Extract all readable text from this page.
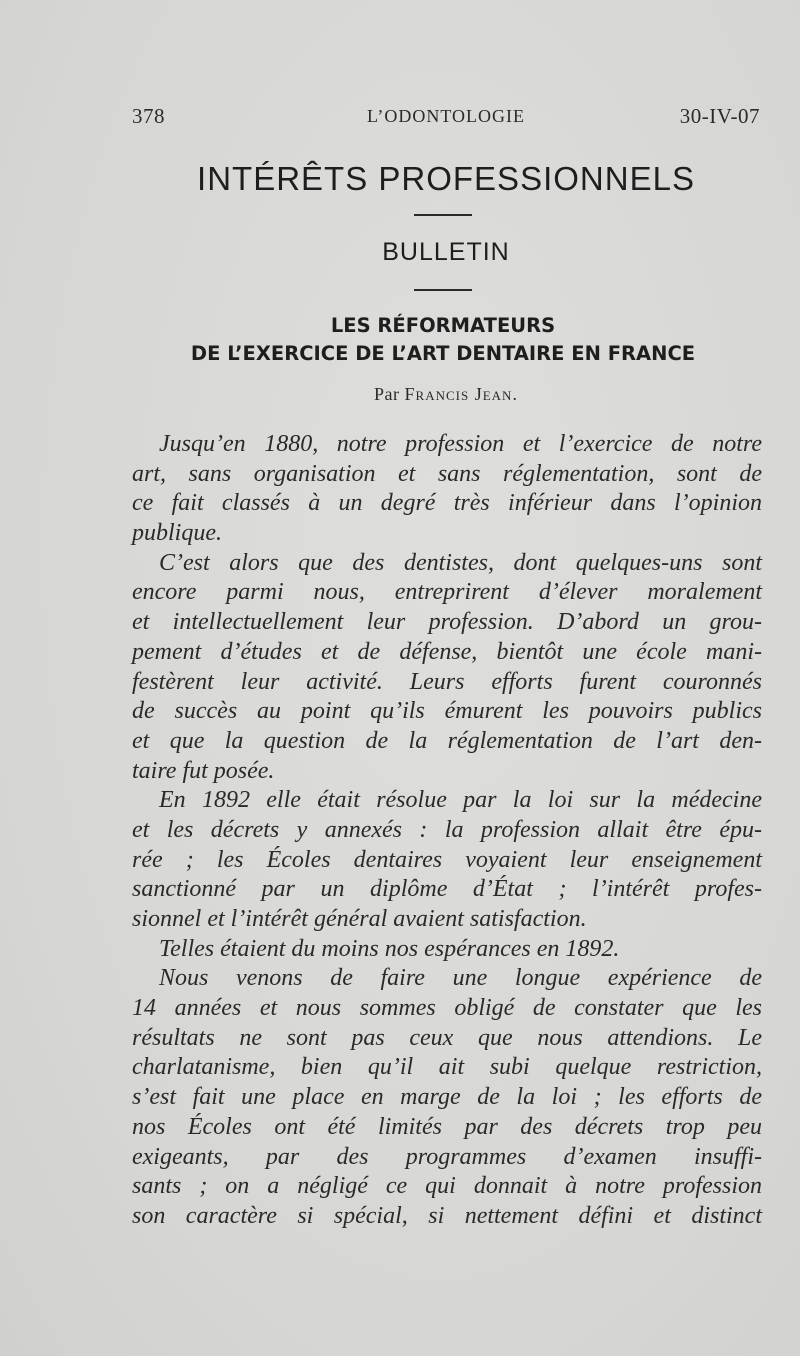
378	L’ODONTOLOGIE	30-IV-07
INTÉRÊTS PROFESSIONNELS
BULLETIN
LES RÉFORMATEURS
DE L’EXERCICE DE L’ART DENTAIRE EN FRANCE
Par Francis Jean.
Jusqu’en 1880, notre profession et l’exercice de notre
art, sans organisation et sans réglementation, sont de
ce fait classés à un degré très inférieur dans l’opinion
publique.
C’est alors que des dentistes, dont quelques-uns sont
encore parmi nous, entreprirent d’élever moralement
et intellectuellement leur profession. D’abord un grou-
pement d’études et de défense, bientôt une école mani-
festèrent leur activité. Leurs efforts furent couronnés
de succès au point qu’ils émurent les pouvoirs publics
et que la question de la réglementation de l’art den-
taire fut posée.
En 1892 elle était résolue par la loi sur la médecine
et les décrets y annexés : la profession allait être épu-
rée ; les Écoles dentaires voyaient leur enseignement
sanctionné par un diplôme d’État ; l’intérêt profes-
sionnel et l’intérêt général avaient satisfaction.
Telles étaient du moins nos espérances en 1892.
Nous venons de faire une longue expérience de
14 années et nous sommes obligé de constater que les
résultats ne sont pas ceux que nous attendions. Le
charlatanisme, bien qu’il ait subi quelque restriction,
s’est fait une place en marge de la loi ; les efforts de
nos Écoles ont été limités par des décrets trop peu
exigeants, par des programmes d’examen insuffi-
sants ; on a négligé ce qui donnait à notre profession
son caractère si spécial, si nettement défini et distinct
